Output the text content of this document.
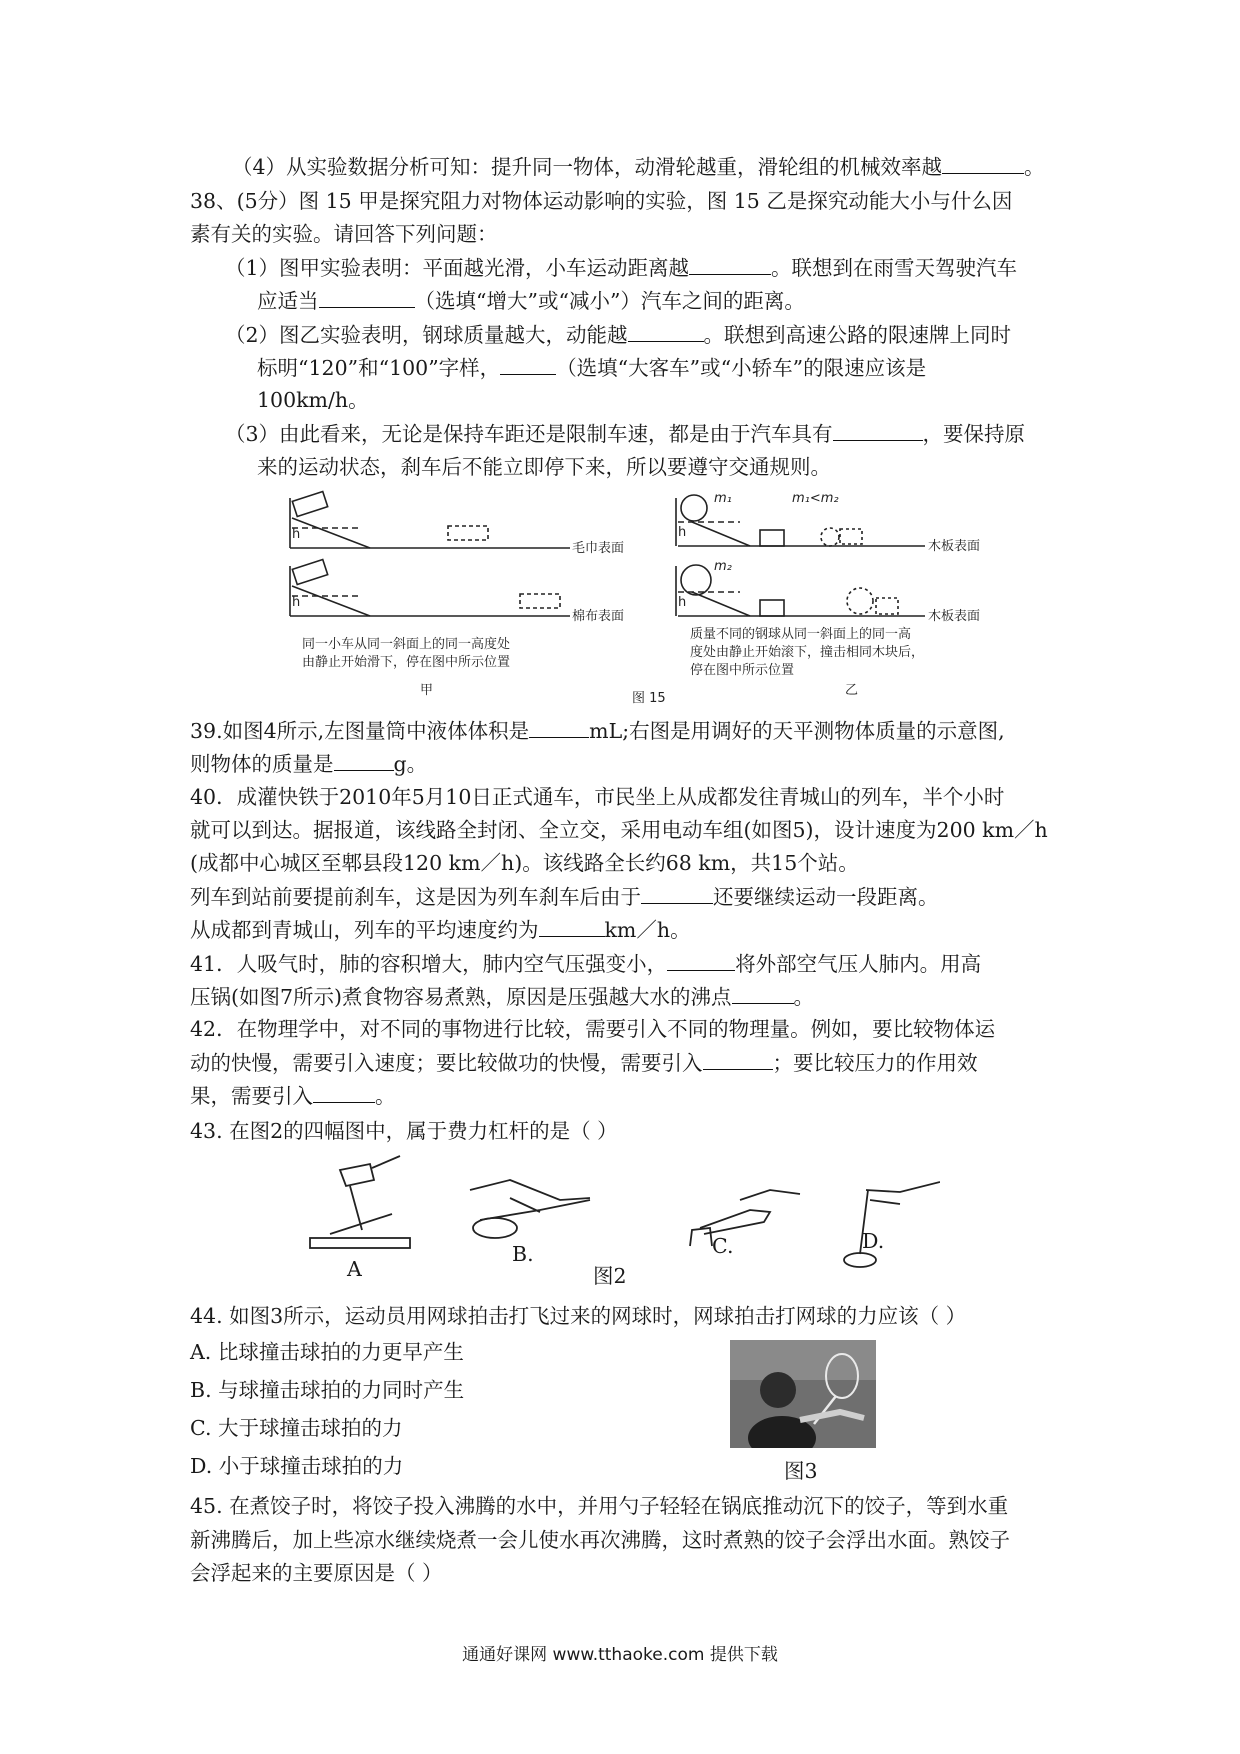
（4）从实验数据分析可知：提升同一物体，动滑轮越重，滑轮组的机械效率越	。
38、(5分）图 15 甲是探究阻力对物体运动影响的实验，图 15 乙是探究动能大小与什么因
素有关的实验。请回答下列问题：
（1）图甲实验表明：平面越光滑，小车运动距离越	。联想到在雨雪天驾驶汽车
应适当	（选填“增大”或“减小”）汽车之间的距离。
（2）图乙实验表明，钢球质量越大，动能越	。联想到高速公路的限速牌上同时
标明“120”和“100”字样，	（选填“大客车”或“小轿车”的限速应该是
100km/h。
（3）由此看来，无论是保持车距还是限制车速，都是由于汽车具有	，要保持原
来的运动状态，刹车后不能立即停下来，所以要遵守交通规则。
h
h
h
h
毛巾表面
棉布表面
木板表面
木板表面
m₁
m₂
m₁<m₂
同一小车从同一斜面上的同一高度处
由静止开始滑下，停在图中所示位置
质量不同的钢球从同一斜面上的同一高
度处由静止开始滚下，撞击相同木块后，
停在图中所示位置
甲	乙
图 15
39.如图4所示,左图量筒中液体体积是	mL;右图是用调好的天平测物体质量的示意图,
则物体的质量是	g。
40．成灌快铁于2010年5月10日正式通车，市民坐上从成都发往青城山的列车，半个小时
就可以到达。据报道，该线路全封闭、全立交，采用电动车组(如图5)，设计速度为200 km／h
(成都中心城区至郫县段120 km／h)。该线路全长约68 km，共15个站。
列车到站前要提前刹车，这是因为列车刹车后由于	还要继续运动一段距离。
从成都到青城山，列车的平均速度约为	km／h。
41．人吸气时，肺的容积增大，肺内空气压强变小，	将外部空气压人肺内。用高
压锅(如图7所示)煮食物容易煮熟，原因是压强越大水的沸点	。
42．在物理学中，对不同的事物进行比较，需要引入不同的物理量。例如，要比较物体运
动的快慢，需要引入速度；要比较做功的快慢，需要引入	；要比较压力的作用效
果，需要引入	。
43. 在图2的四幅图中，属于费力杠杆的是（ ）
A
B.	C.	D.
图2
44. 如图3所示，运动员用网球拍击打飞过来的网球时，网球拍击打网球的力应该（ ）
A. 比球撞击球拍的力更早产生
B. 与球撞击球拍的力同时产生
C. 大于球撞击球拍的力
D. 小于球撞击球拍的力	图3
45. 在煮饺子时，将饺子投入沸腾的水中，并用勺子轻轻在锅底推动沉下的饺子，等到水重
新沸腾后，加上些凉水继续烧煮一会儿使水再次沸腾，这时煮熟的饺子会浮出水面。熟饺子
会浮起来的主要原因是（ ）
通通好课网 www.tthaoke.com 提供下载
